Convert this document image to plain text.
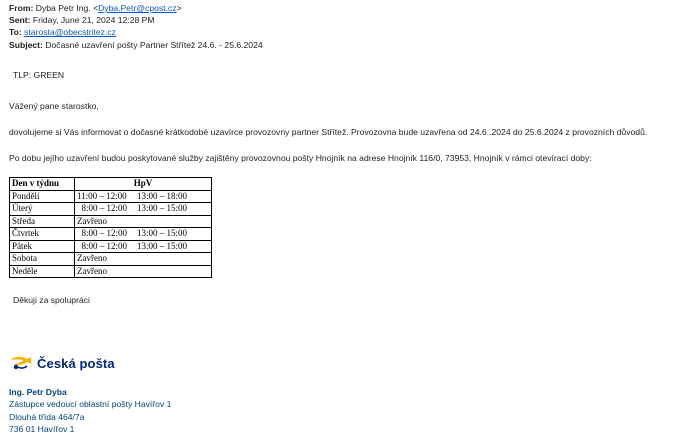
From: Dyba Petr Ing. <Dyba.Petr@cpost.cz>
Sent: Friday, June 21, 2024 12:28 PM
To: starosta@obecstritez.cz
Subject: Dočasné uzavření pošty Partner Střítež 24.6. - 25.6.2024
TLP: GREEN
Vážený pane starostko,
dovolujeme si Vás informovat o dočasné krátkodobé uzavírce provozovny partner Střítež. Provozovna bude uzavřena od 24.6..2024 do 25.6.2024 z provozních důvodů.
Po dobu jejího uzavření budou poskytované služby zajištěny provozovnou pošty Hnojník na adrese Hnojník 116/0, 73953, Hnojník v rámci otevírací doby:
Den v týdnu	HpV
Pondělí	11:00 – 12:00 13:00 – 18:00
Úterý	8:00 – 12:00 13:00 – 15:00
Středa	Zavřeno
Čtvrtek	8:00 – 12:00 13:00 – 15:00
Pátek	8:00 – 12:00 13:00 – 15:00
Sobota	Zavřeno
Neděle	Zavřeno
Děkuji za spolupráci
Česká pošta
Ing. Petr Dyba
Zástupce vedoucí oblastní pošty Havířov 1
Dlouhá třída 464/7a
736 01 Havířov 1
